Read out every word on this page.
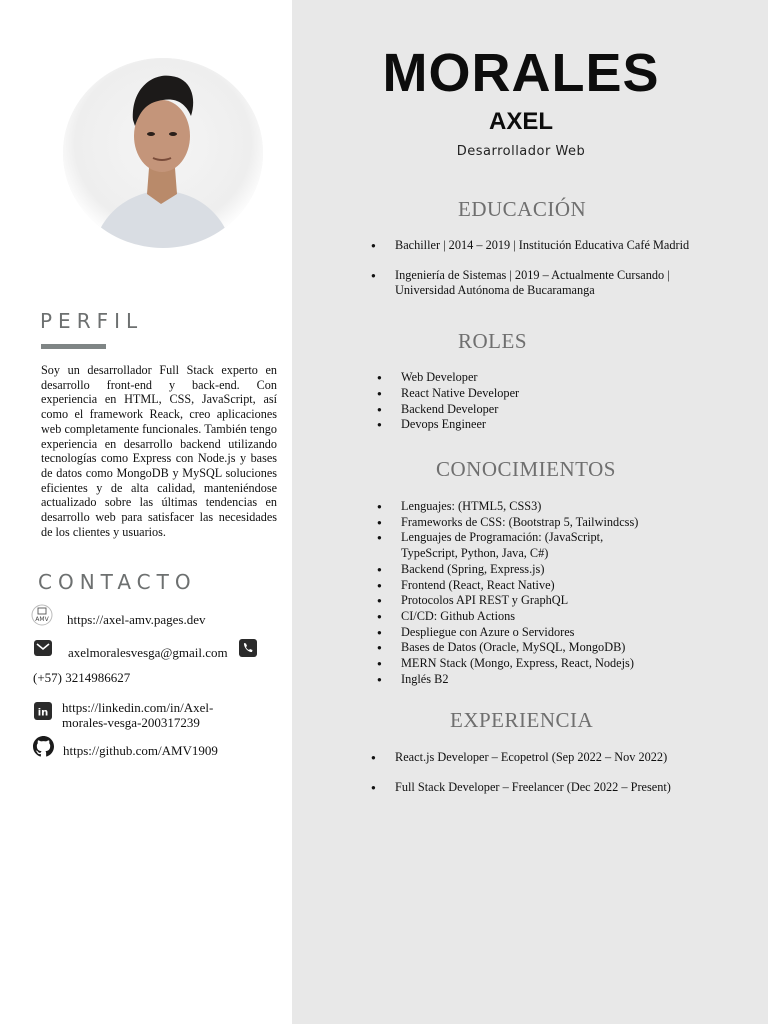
PERFIL
Soy un desarrollador Full Stack experto en desarrollo front-end y back-end. Con experiencia en HTML, CSS, JavaScript, así como el framework Reack, creo aplicaciones web completamente funcionales. También tengo experiencia en desarrollo backend utilizando tecnologías como Express con Node.js y bases de datos como MongoDB y MySQL soluciones eficientes y de alta calidad, manteniéndose actualizado sobre las últimas tendencias en desarrollo web para satisfacer las necesidades de los clientes y usuarios.
CONTACTO
AMV https://axel-amv.pages.dev
axelmoralesvesga@gmail.com
(+57) 3214986627
in https://linkedin.com/in/Axel-
morales-vesga-200317239
https://github.com/AMV1909
MORALES
AXEL
Desarrollador Web
EDUCACIÓN
● Bachiller | 2014 – 2019 | Institución Educativa Café Madrid
● Ingeniería de Sistemas | 2019 – Actualmente Cursando | Universidad Autónoma de Bucaramanga
ROLES
● Web Developer
● React Native Developer
● Backend Developer
● Devops Engineer
CONOCIMIENTOS
● Lenguajes: (HTML5, CSS3)
● Frameworks de CSS: (Bootstrap 5, Tailwindcss)
● Lenguajes de Programación: (JavaScript, TypeScript, Python, Java, C#)
● Backend (Spring, Express.js)
● Frontend (React, React Native)
● Protocolos API REST y GraphQL
● CI/CD: Github Actions
● Despliegue con Azure o Servidores
● Bases de Datos (Oracle, MySQL, MongoDB)
● MERN Stack (Mongo, Express, React, Nodejs)
● Inglés B2
EXPERIENCIA
● React.js Developer – Ecopetrol (Sep 2022 – Nov 2022)
● Full Stack Developer – Freelancer (Dec 2022 – Present)
